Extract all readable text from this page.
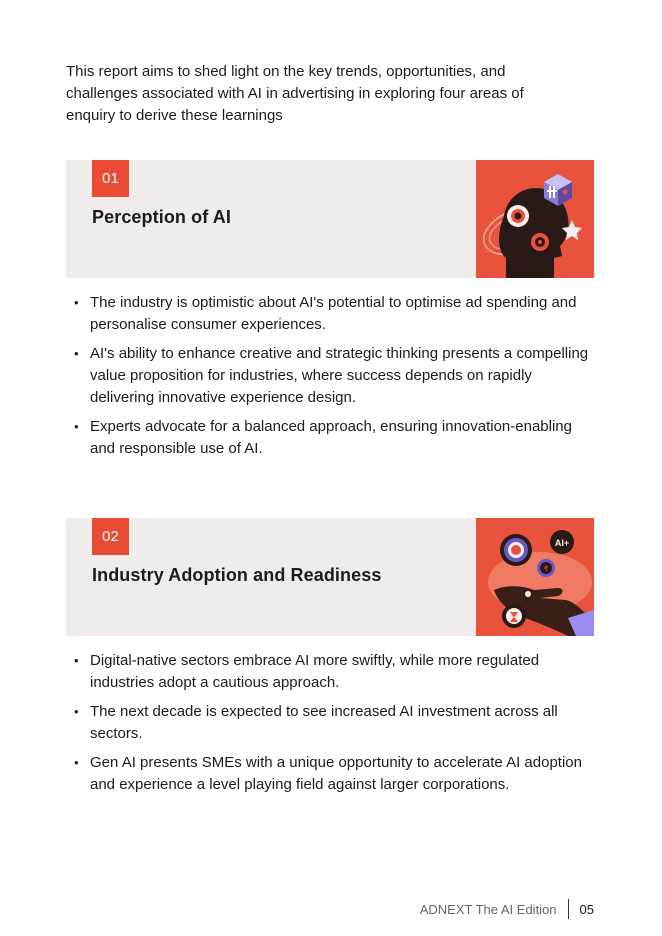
This report aims to shed light on the key trends, opportunities, and challenges associated with AI in advertising in exploring four areas of enquiry to derive these learnings

01
Perception of AI
• The industry is optimistic about AI's potential to optimise ad spending and personalise consumer experiences.
• AI's ability to enhance creative and strategic thinking presents a compelling value proposition for industries, where success depends on rapidly delivering innovative experience design.
• Experts advocate for a balanced approach, ensuring innovation-enabling and responsible use of AI.
02
Industry Adoption and Readiness
AI+
₹
• Digital-native sectors embrace AI more swiftly, while more regulated industries adopt a cautious approach.
• The next decade is expected to see increased AI investment across all sectors.
• Gen AI presents SMEs with a unique opportunity to accelerate AI adoption and experience a level playing field against larger corporations.
ADNEXT The AI Edition 05
